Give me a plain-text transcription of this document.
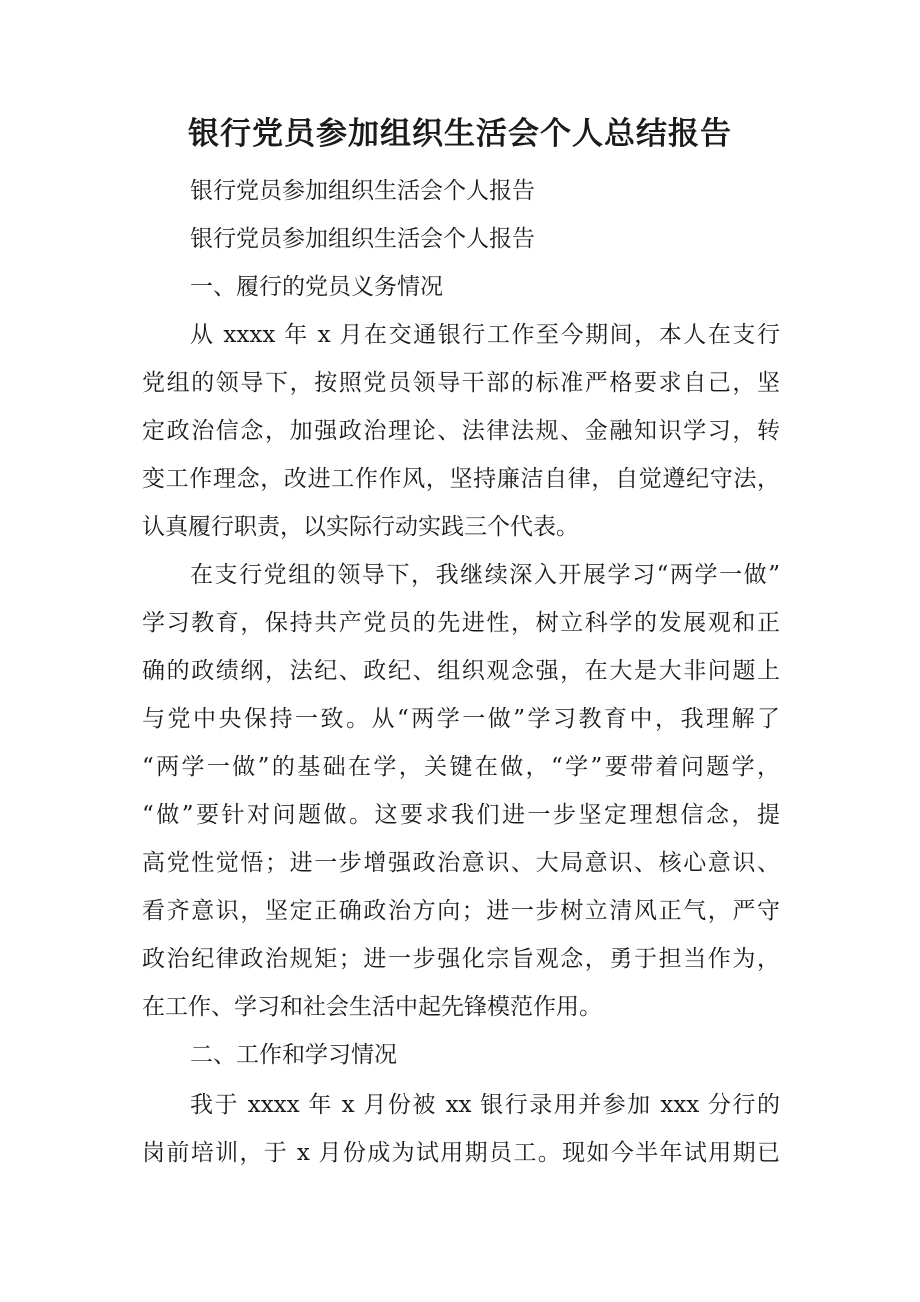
银行党员参加组织生活会个人总结报告

银行党员参加组织生活会个人报告

银行党员参加组织生活会个人报告

一、履行的党员义务情况

从 xxxx 年 x 月在交通银行工作至今期间，本人在支行

党组的领导下，按照党员领导干部的标准严格要求自己，坚

定政治信念，加强政治理论、法律法规、金融知识学习，转

变工作理念，改进工作作风，坚持廉洁自律，自觉遵纪守法，

认真履行职责，以实际行动实践三个代表。

在支行党组的领导下，我继续深入开展学习“两学一做”

学习教育，保持共产党员的先进性，树立科学的发展观和正

确的政绩纲，法纪、政纪、组织观念强，在大是大非问题上

与党中央保持一致。从“两学一做”学习教育中，我理解了

“两学一做”的基础在学，关键在做，“学”要带着问题学，

“做”要针对问题做。这要求我们进一步坚定理想信念，提

高党性觉悟；进一步增强政治意识、大局意识、核心意识、

看齐意识，坚定正确政治方向；进一步树立清风正气，严守

政治纪律政治规矩；进一步强化宗旨观念，勇于担当作为，

在工作、学习和社会生活中起先锋模范作用。

二、工作和学习情况

我于 xxxx 年 x 月份被 xx 银行录用并参加 xxx 分行的

岗前培训，于 x 月份成为试用期员工。现如今半年试用期已
